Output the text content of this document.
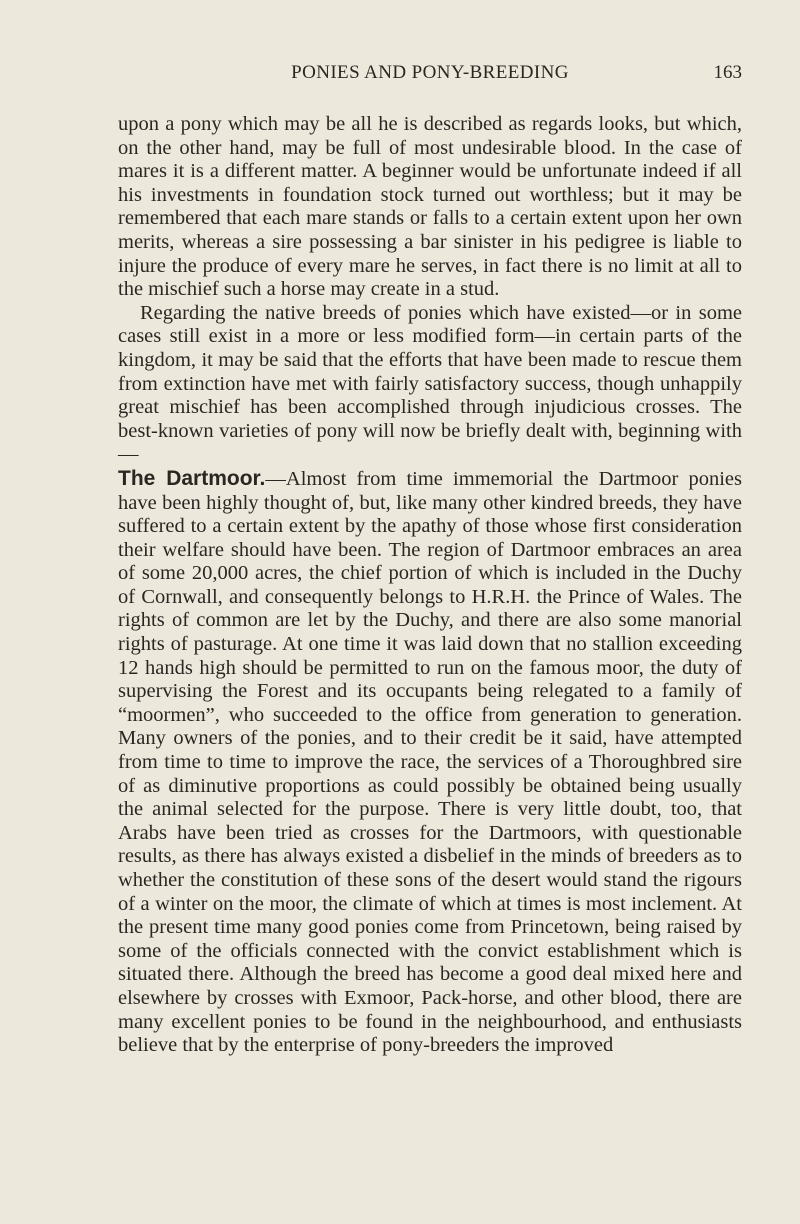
PONIES AND PONY-BREEDING	163

upon a pony which may be all he is described as regards looks, but which, on the other hand, may be full of most undesirable blood. In the case of mares it is a different matter. A beginner would be unfortunate indeed if all his investments in foundation stock turned out worthless; but it may be remembered that each mare stands or falls to a certain extent upon her own merits, whereas a sire possessing a bar sinister in his pedigree is liable to injure the produce of every mare he serves, in fact there is no limit at all to the mischief such a horse may create in a stud.

Regarding the native breeds of ponies which have existed—or in some cases still exist in a more or less modified form—in certain parts of the kingdom, it may be said that the efforts that have been made to rescue them from extinction have met with fairly satisfactory success, though unhappily great mischief has been accomplished through injudicious crosses. The best-known varieties of pony will now be briefly dealt with, beginning with—

The Dartmoor.—Almost from time immemorial the Dartmoor ponies have been highly thought of, but, like many other kindred breeds, they have suffered to a certain extent by the apathy of those whose first consideration their welfare should have been. The region of Dartmoor embraces an area of some 20,000 acres, the chief portion of which is included in the Duchy of Cornwall, and consequently belongs to H.R.H. the Prince of Wales. The rights of common are let by the Duchy, and there are also some manorial rights of pasturage. At one time it was laid down that no stallion exceeding 12 hands high should be permitted to run on the famous moor, the duty of supervising the Forest and its occupants being relegated to a family of “moormen”, who succeeded to the office from generation to generation. Many owners of the ponies, and to their credit be it said, have attempted from time to time to improve the race, the services of a Thoroughbred sire of as diminutive proportions as could possibly be obtained being usually the animal selected for the purpose. There is very little doubt, too, that Arabs have been tried as crosses for the Dartmoors, with questionable results, as there has always existed a disbelief in the minds of breeders as to whether the constitution of these sons of the desert would stand the rigours of a winter on the moor, the climate of which at times is most inclement. At the present time many good ponies come from Princetown, being raised by some of the officials connected with the convict establishment which is situated there. Although the breed has become a good deal mixed here and elsewhere by crosses with Exmoor, Pack-horse, and other blood, there are many excellent ponies to be found in the neighbourhood, and enthusiasts believe that by the enterprise of pony-breeders the improved
